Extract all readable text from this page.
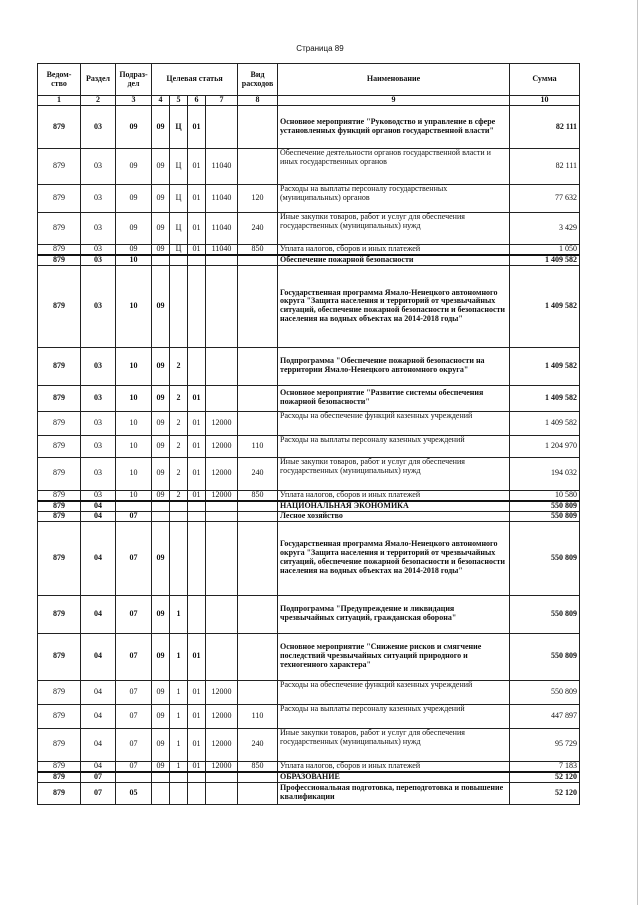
Страница 89
Ведом-ство	Раздел	Подраз-дел	Целевая статья				Вид расходов	Наименование	Сумма
1	2	3	4	5	6	7	8	9	10
879	03	09	09	Ц	01			Основное мероприятие "Руководство и управление в сфере установленных функций органов государственной власти"	82 111
879	03	09	09	Ц	01	11040		Обеспечение деятельности органов государственной власти и иных государственных органов	82 111
879	03	09	09	Ц	01	11040	120	Расходы на выплаты персоналу государственных (муниципальных) органов	77 632
879	03	09	09	Ц	01	11040	240	Иные закупки товаров, работ и услуг для обеспечения государственных (муниципальных) нужд	3 429
879	03	09	09	Ц	01	11040	850	Уплата налогов, сборов и иных платежей	1 050
879	03	10						Обеспечение пожарной безопасности	1 409 582
879	03	10	09					Государственная программа Ямало-Ненецкого автономного округа "Защита населения и территорий от чрезвычайных ситуаций, обеспечение пожарной безопасности и безопасности населения на водных объектах на 2014-2018 годы"	1 409 582
879	03	10	09	2				Подпрограмма "Обеспечение пожарной безопасности на территории Ямало-Ненецкого автономного округа"	1 409 582
879	03	10	09	2	01			Основное мероприятие "Развитие системы обеспечения пожарной безопасности"	1 409 582
879	03	10	09	2	01	12000		Расходы на обеспечение функций казенных учреждений	1 409 582
879	03	10	09	2	01	12000	110	Расходы на выплаты персоналу казенных учреждений	1 204 970
879	03	10	09	2	01	12000	240	Иные закупки товаров, работ и услуг для обеспечения государственных (муниципальных) нужд	194 032
879	03	10	09	2	01	12000	850	Уплата налогов, сборов и иных платежей	10 580
879	04							НАЦИОНАЛЬНАЯ ЭКОНОМИКА	550 809
879	04	07						Лесное хозяйство	550 809
879	04	07	09					Государственная программа Ямало-Ненецкого автономного округа "Защита населения и территорий от чрезвычайных ситуаций, обеспечение пожарной безопасности и безопасности населения на водных объектах на 2014-2018 годы"	550 809
879	04	07	09	1				Подпрограмма "Предупреждение и ликвидация чрезвычайных ситуаций, гражданская оборона"	550 809
879	04	07	09	1	01			Основное мероприятие "Снижение рисков и смягчение последствий чрезвычайных ситуаций природного и техногенного характера"	550 809
879	04	07	09	1	01	12000		Расходы на обеспечение функций казенных учреждений	550 809
879	04	07	09	1	01	12000	110	Расходы на выплаты персоналу казенных учреждений	447 897
879	04	07	09	1	01	12000	240	Иные закупки товаров, работ и услуг для обеспечения государственных (муниципальных) нужд	95 729
879	04	07	09	1	01	12000	850	Уплата налогов, сборов и иных платежей	7 183
879	07							ОБРАЗОВАНИЕ	52 120
879	07	05						Профессиональная подготовка, переподготовка и повышение квалификации	52 120
